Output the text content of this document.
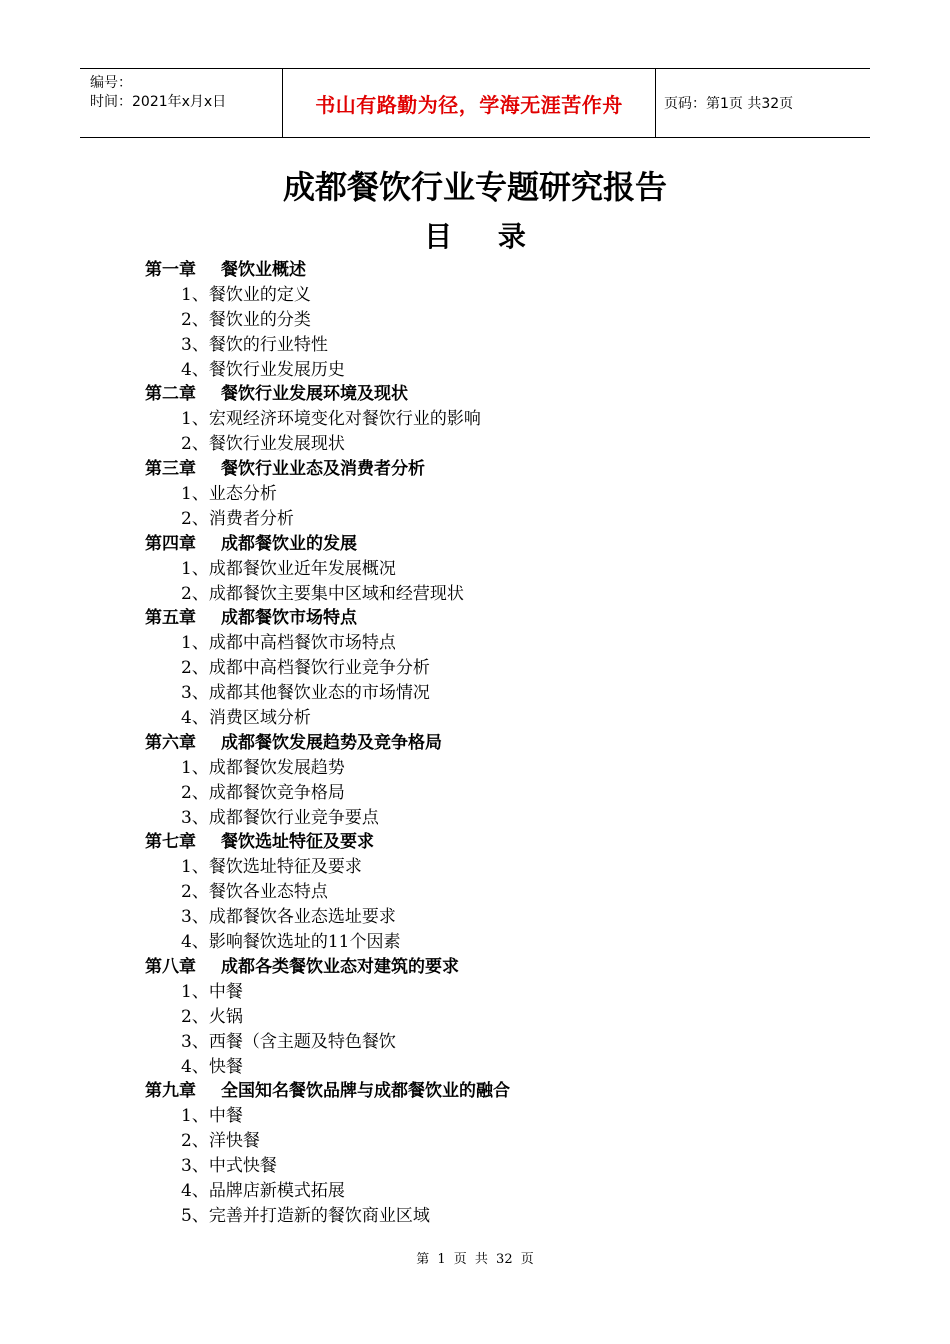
编号：
时间：2021年x月x日	书山有路勤为径，学海无涯苦作舟	页码：第1页 共32页
成都餐饮行业专题研究报告
目 录
第一章 餐饮业概述
1、餐饮业的定义
2、餐饮业的分类
3、餐饮的行业特性
4、餐饮行业发展历史
第二章 餐饮行业发展环境及现状
1、宏观经济环境变化对餐饮行业的影响
2、餐饮行业发展现状
第三章 餐饮行业业态及消费者分析
1、业态分析
2、消费者分析
第四章 成都餐饮业的发展
1、成都餐饮业近年发展概况
2、成都餐饮主要集中区域和经营现状
第五章 成都餐饮市场特点
1、成都中高档餐饮市场特点
2、成都中高档餐饮行业竞争分析
3、成都其他餐饮业态的市场情况
4、消费区域分析
第六章 成都餐饮发展趋势及竞争格局
1、成都餐饮发展趋势
2、成都餐饮竞争格局
3、成都餐饮行业竞争要点
第七章 餐饮选址特征及要求
1、餐饮选址特征及要求
2、餐饮各业态特点
3、成都餐饮各业态选址要求
4、影响餐饮选址的11个因素
第八章 成都各类餐饮业态对建筑的要求
1、中餐
2、火锅
3、西餐（含主题及特色餐饮
4、快餐
第九章 全国知名餐饮品牌与成都餐饮业的融合
1、中餐
2、洋快餐
3、中式快餐
4、品牌店新模式拓展
5、完善并打造新的餐饮商业区域
第 1 页 共 32 页
